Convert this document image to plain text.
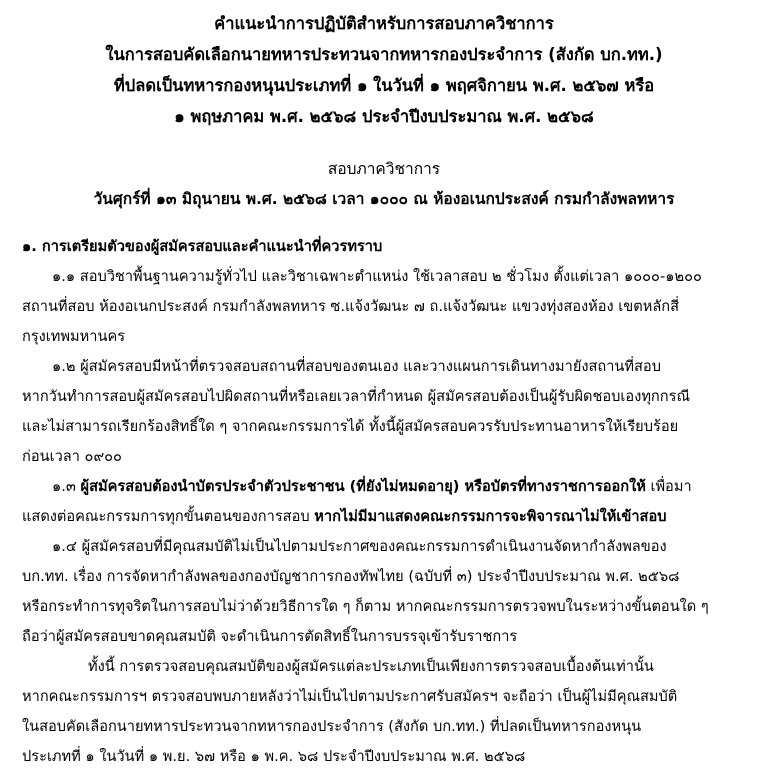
คำแนะนำการปฏิบัติสำหรับการสอบภาควิชาการ
ในการสอบคัดเลือกนายทหารประทวนจากทหารกองประจำการ (สังกัด บก.ทท.)
ที่ปลดเป็นทหารกองหนุนประเภทที่ ๑ ในวันที่ ๑ พฤศจิกายน พ.ศ. ๒๕๖๗ หรือ
๑ พฤษภาคม พ.ศ. ๒๕๖๘ ประจำปีงบประมาณ พ.ศ. ๒๕๖๘
สอบภาควิชาการ
วันศุกร์ที่ ๑๓ มิถุนายน พ.ศ. ๒๕๖๘ เวลา ๑๐๐๐ ณ ห้องอเนกประสงค์ กรมกำลังพลทหาร
๑. การเตรียมตัวของผู้สมัครสอบและคำแนะนำที่ควรทราบ
๑.๑ สอบวิชาพื้นฐานความรู้ทั่วไป และวิชาเฉพาะตำแหน่ง ใช้เวลาสอบ ๒ ชั่วโมง ตั้งแต่เวลา ๑๐๐๐-๑๒๐๐
สถานที่สอบ ห้องอเนกประสงค์ กรมกำลังพลทหาร ซ.แจ้งวัฒนะ ๗ ถ.แจ้งวัฒนะ แขวงทุ่งสองห้อง เขตหลักสี่
กรุงเทพมหานคร
๑.๒ ผู้สมัครสอบมีหน้าที่ตรวจสอบสถานที่สอบของตนเอง และวางแผนการเดินทางมายังสถานที่สอบ
หากวันทำการสอบผู้สมัครสอบไปผิดสถานที่หรือเลยเวลาที่กำหนด ผู้สมัครสอบต้องเป็นผู้รับผิดชอบเองทุกกรณี
และไม่สามารถเรียกร้องสิทธิ์ใด ๆ จากคณะกรรมการได้ ทั้งนี้ผู้สมัครสอบควรรับประทานอาหารให้เรียบร้อย
ก่อนเวลา ๐๙๐๐
๑.๓ ผู้สมัครสอบต้องนำบัตรประจำตัวประชาชน (ที่ยังไม่หมดอายุ) หรือบัตรที่ทางราชการออกให้ เพื่อมา
แสดงต่อคณะกรรมการทุกขั้นตอนของการสอบ หากไม่มีมาแสดงคณะกรรมการจะพิจารณาไม่ให้เข้าสอบ
๑.๔ ผู้สมัครสอบที่มีคุณสมบัติไม่เป็นไปตามประกาศของคณะกรรมการดำเนินงานจัดหากำลังพลของ
บก.ทท. เรื่อง การจัดหากำลังพลของกองบัญชาการกองทัพไทย (ฉบับที่ ๓) ประจำปีงบประมาณ พ.ศ. ๒๕๖๘
หรือกระทำการทุจริตในการสอบไม่ว่าด้วยวิธีการใด ๆ ก็ตาม หากคณะกรรมการตรวจพบในระหว่างขั้นตอนใด ๆ
ถือว่าผู้สมัครสอบขาดคุณสมบัติ จะดำเนินการตัดสิทธิ์ในการบรรจุเข้ารับราชการ
ทั้งนี้ การตรวจสอบคุณสมบัติของผู้สมัครแต่ละประเภทเป็นเพียงการตรวจสอบเบื้องต้นเท่านั้น
หากคณะกรรมการฯ ตรวจสอบพบภายหลังว่าไม่เป็นไปตามประกาศรับสมัครฯ จะถือว่า เป็นผู้ไม่มีคุณสมบัติ
ในสอบคัดเลือกนายทหารประทวนจากทหารกองประจำการ (สังกัด บก.ทท.) ที่ปลดเป็นทหารกองหนุน
ประเภทที่ ๑ ในวันที่ ๑ พ.ย. ๖๗ หรือ ๑ พ.ค. ๖๘ ประจำปีงบประมาณ พ.ศ. ๒๕๖๘
